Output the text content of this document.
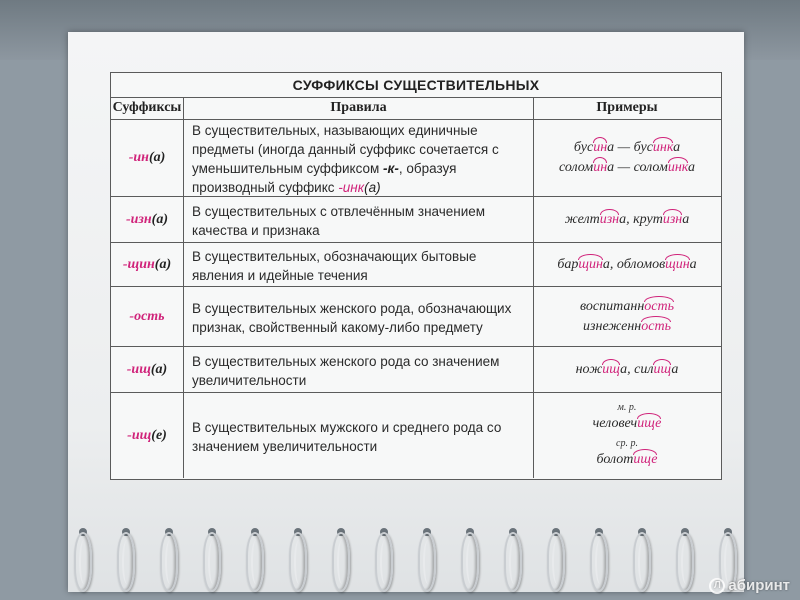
СУФФИКСЫ СУЩЕСТВИТЕЛЬНЫХ
Суффиксы	Правила	Примеры
-ин (а)
В существительных, называющих единичные предметы (иногда данный суффикс сочетается с уменьшительным суффиксом -к-, образуя производный суффикс -инк(а)
бусина — бусинка
соломина — соломинка
-изн (а) В существительных с отвлечённым значением качества и признака
желтизна, крутизна
-щин (а) В существительных, обозначающих бытовые явления и идейные течения
барщина, обломовщина
-ость В существительных женского рода, обозначающих признак, свойственный какому-либо предмету
воспитанность
изнеженность
-ищ (а) В существительных женского рода со значением увеличительности
ножища, силища
-ищ (е) В существительных мужского и среднего рода со значением увеличительности
м. р.
человечище
ср. р.
болотище
Л абиринт
